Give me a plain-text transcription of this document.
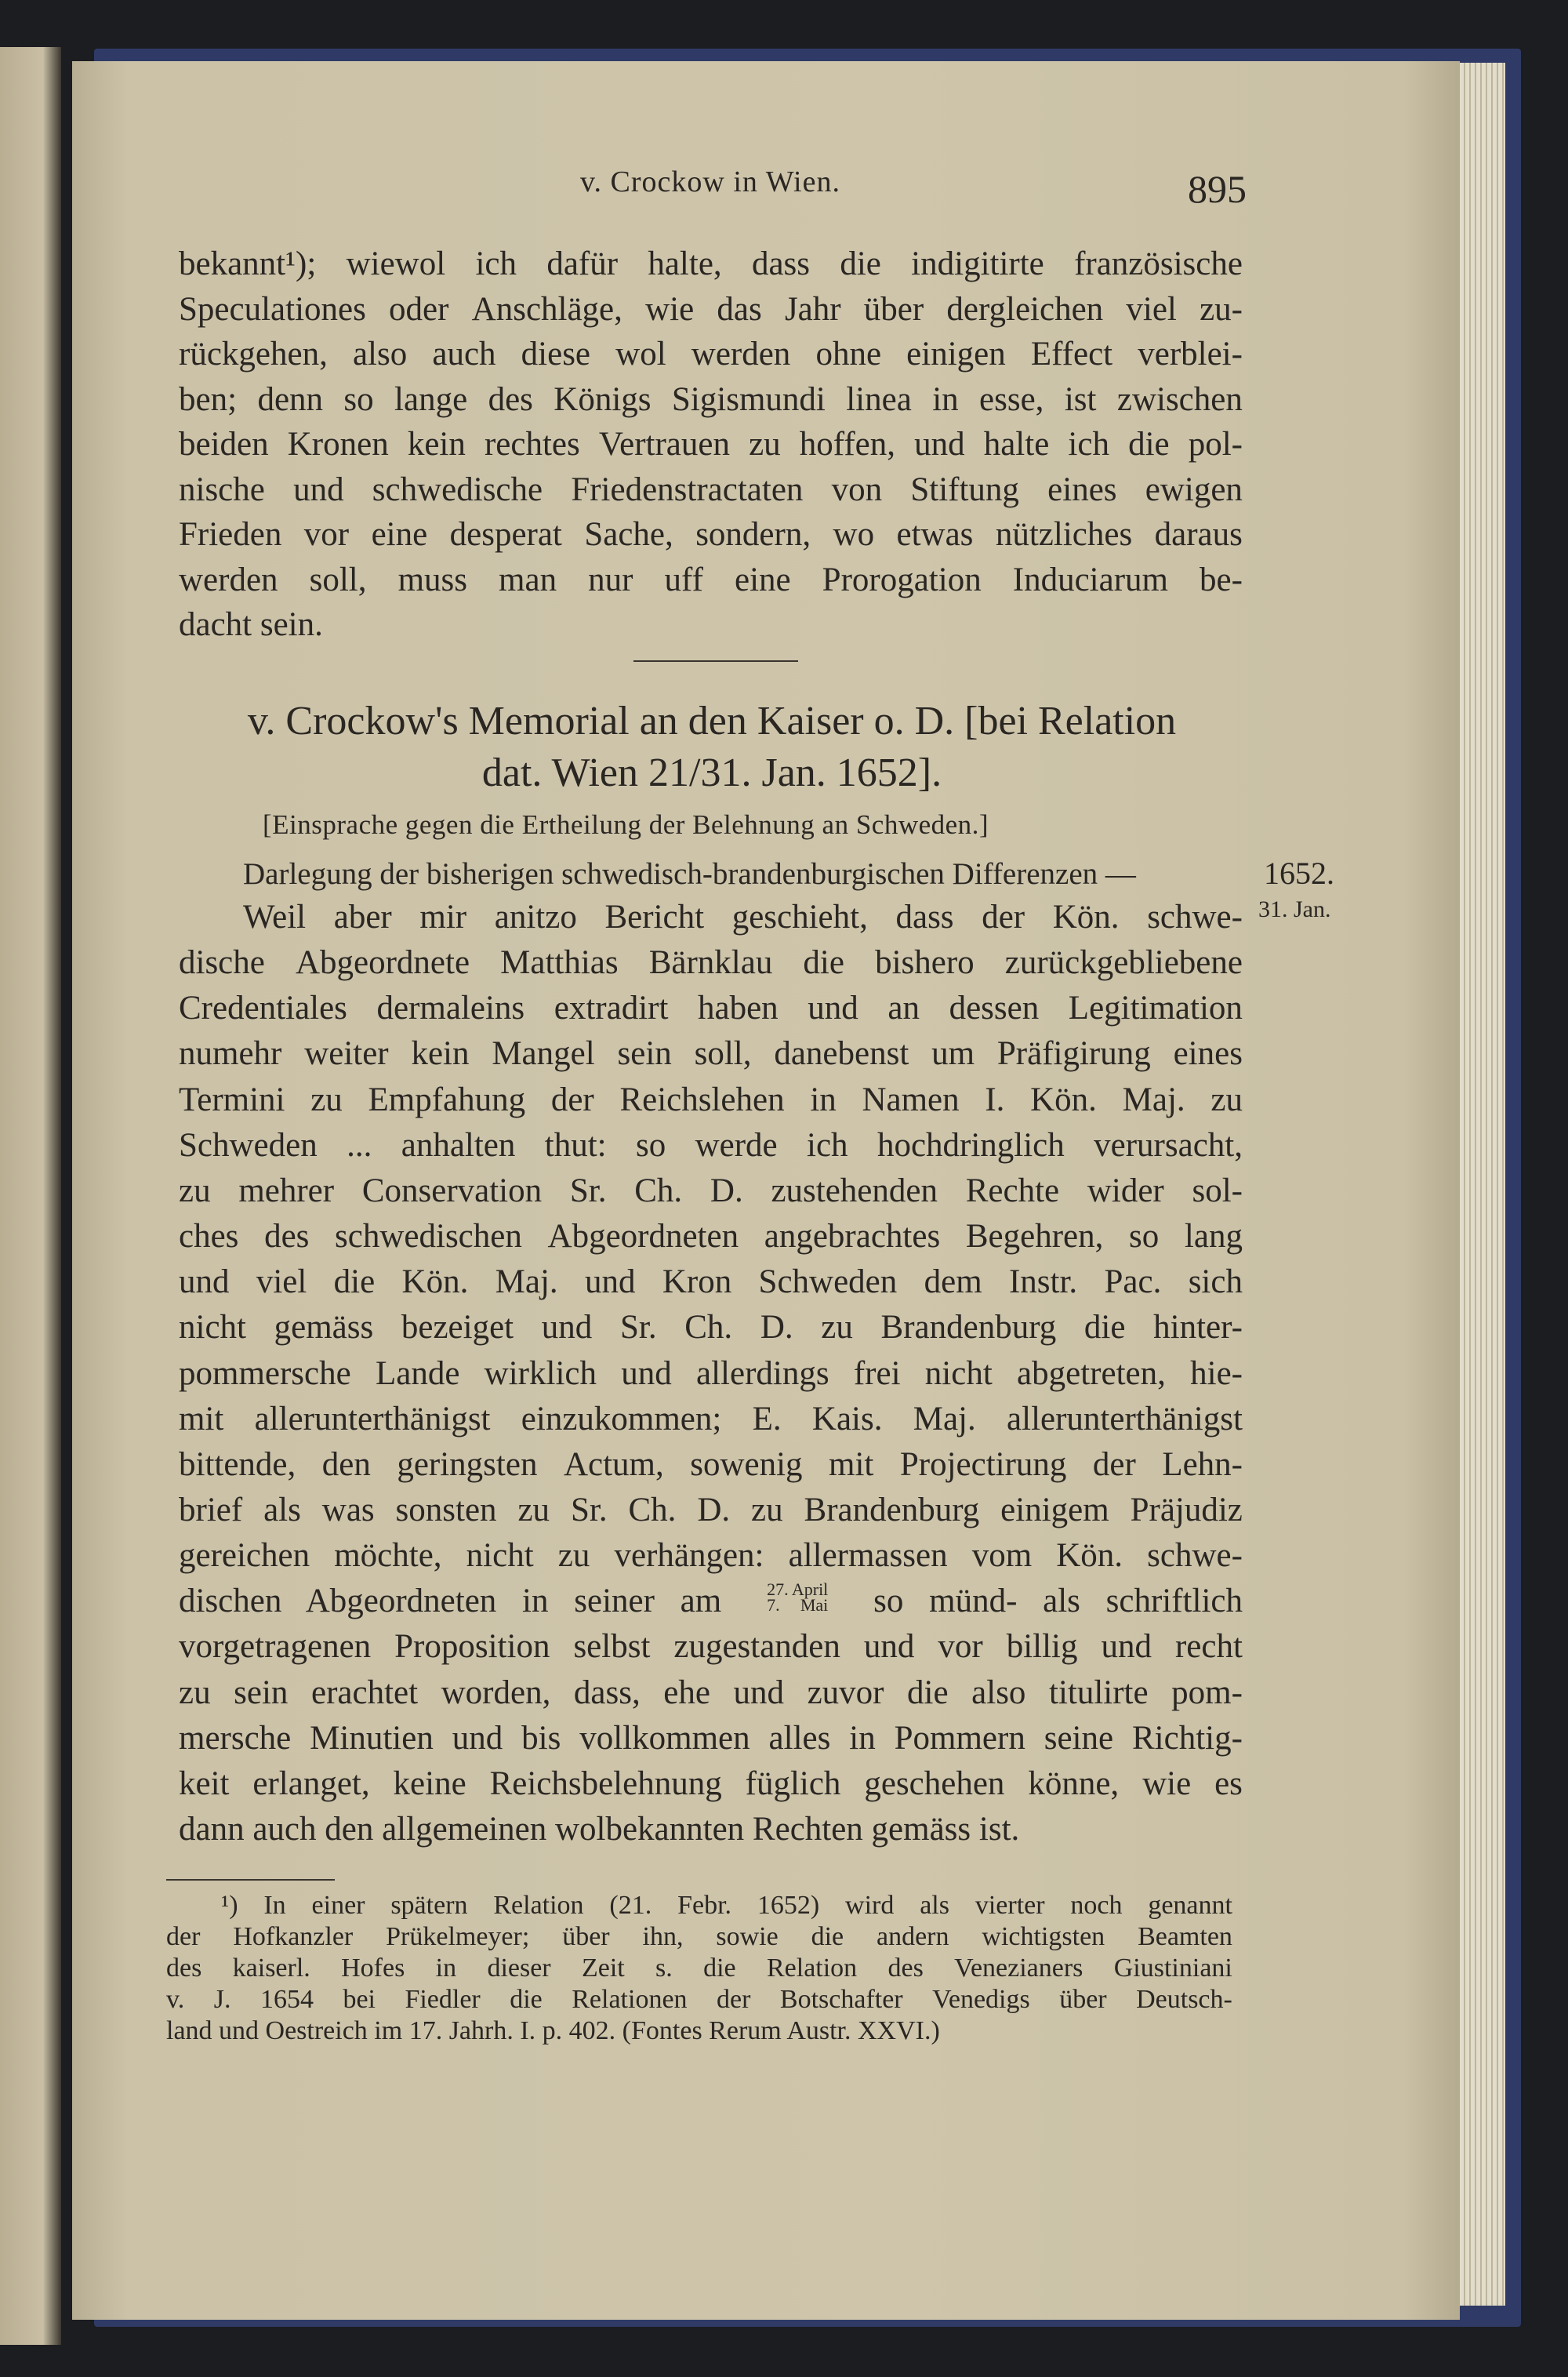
v. Crockow in Wien.	895
bekannt¹); wiewol ich dafür halte, dass die indigitirte französische
Speculationes oder Anschläge, wie das Jahr über dergleichen viel zu-
rückgehen, also auch diese wol werden ohne einigen Effect verblei-
ben; denn so lange des Königs Sigismundi linea in esse, ist zwischen
beiden Kronen kein rechtes Vertrauen zu hoffen, und halte ich die pol-
nische und schwedische Friedenstractaten von Stiftung eines ewigen
Frieden vor eine desperat Sache, sondern, wo etwas nützliches daraus
werden soll, muss man nur uff eine Prorogation Induciarum be-
dacht sein.
v. Crockow's Memorial an den Kaiser o. D. [bei Relation
dat. Wien 21/31. Jan. 1652].
[Einsprache gegen die Ertheilung der Belehnung an Schweden.]
Darlegung der bisherigen schwedisch-brandenburgischen Differenzen —	1652.
31. Jan.
Weil aber mir anitzo Bericht geschieht, dass der Kön. schwe-
dische Abgeordnete Matthias Bärnklau die bishero zurückgebliebene
Credentiales dermaleins extradirt haben und an dessen Legitimation
numehr weiter kein Mangel sein soll, danebenst um Präfigirung eines
Termini zu Empfahung der Reichslehen in Namen I. Kön. Maj. zu
Schweden ... anhalten thut: so werde ich hochdringlich verursacht,
zu mehrer Conservation Sr. Ch. D. zustehenden Rechte wider sol-
ches des schwedischen Abgeordneten angebrachtes Begehren, so lang
und viel die Kön. Maj. und Kron Schweden dem Instr. Pac. sich
nicht gemäss bezeiget und Sr. Ch. D. zu Brandenburg die hinter-
pommersche Lande wirklich und allerdings frei nicht abgetreten, hie-
mit allerunterthänigst einzukommen; E. Kais. Maj. allerunterthänigst
bittende, den geringsten Actum, sowenig mit Projectirung der Lehn-
brief als was sonsten zu Sr. Ch. D. zu Brandenburg einigem Präjudiz
gereichen möchte, nicht zu verhängen: allermassen vom Kön. schwe-
dischen Abgeordneten in seiner am	27. April
7. Mai so münd- als schriftlich
vorgetragenen Proposition selbst zugestanden und vor billig und recht
zu sein erachtet worden, dass, ehe und zuvor die also titulirte pom-
mersche Minutien und bis vollkommen alles in Pommern seine Richtig-
keit erlanget, keine Reichsbelehnung füglich geschehen könne, wie es
dann auch den allgemeinen wolbekannten Rechten gemäss ist.
¹) In einer spätern Relation (21. Febr. 1652) wird als vierter noch genannt
der Hofkanzler Prükelmeyer; über ihn, sowie die andern wichtigsten Beamten
des kaiserl. Hofes in dieser Zeit s. die Relation des Venezianers Giustiniani
v. J. 1654 bei Fiedler die Relationen der Botschafter Venedigs über Deutsch-
land und Oestreich im 17. Jahrh. I. p. 402. (Fontes Rerum Austr. XXVI.)
